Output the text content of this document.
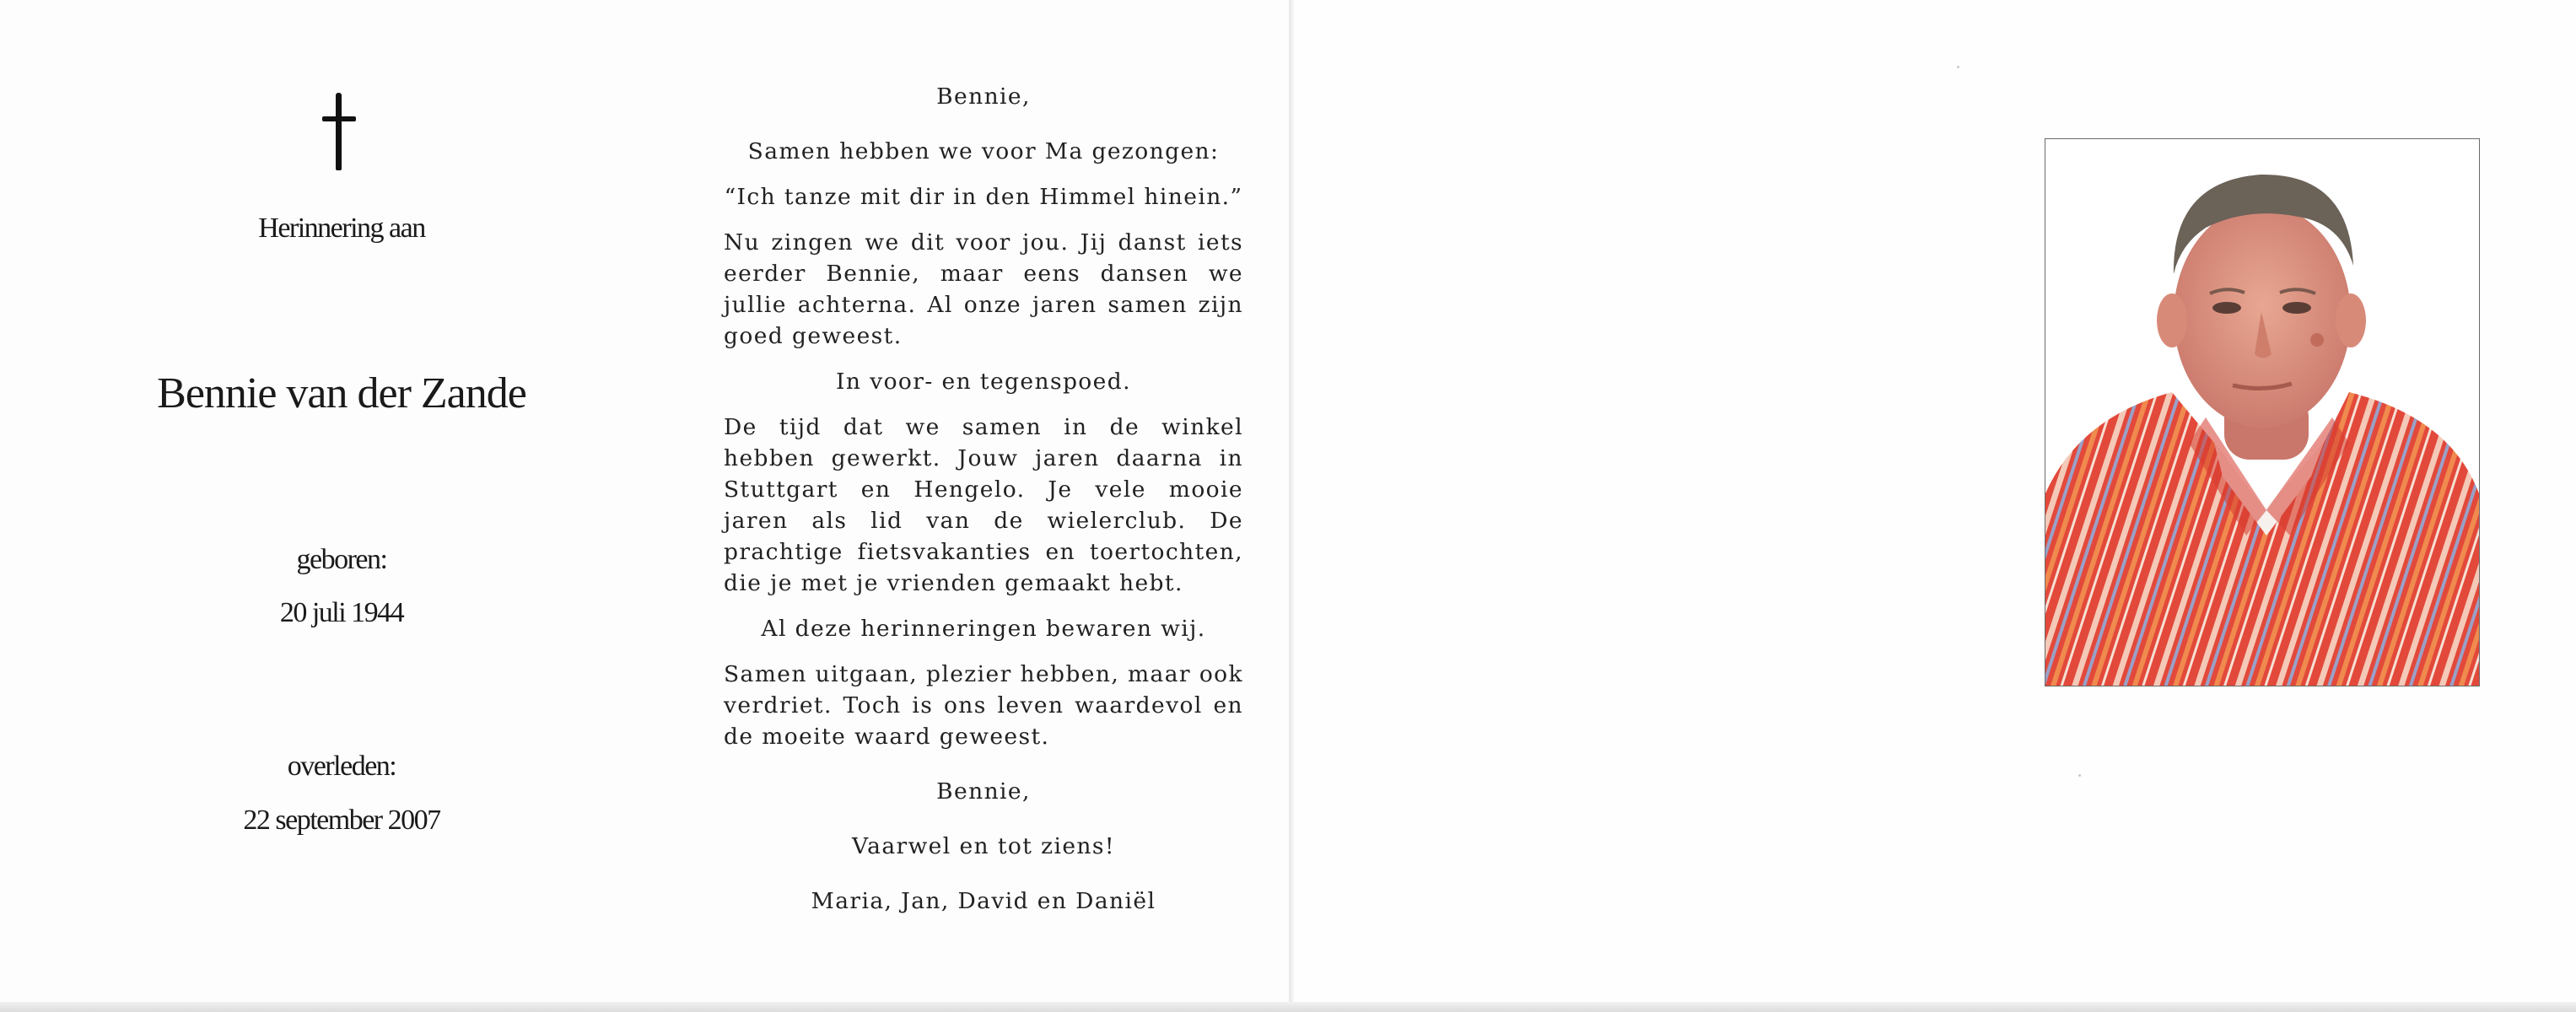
Herinnering aan
Bennie van der Zande
geboren:
20 juli 1944
overleden:
22 september 2007

Bennie,

Samen hebben we voor Ma gezongen:

“Ich tanze mit dir in den Himmel hinein.”

Nu zingen we dit voor jou. Jij danst iets eerder Bennie, maar eens dansen we jullie achterna. Al onze jaren samen zijn goed geweest.

In voor- en tegenspoed.

De tijd dat we samen in de winkel hebben gewerkt. Jouw jaren daarna in Stuttgart en Hengelo. Je vele mooie jaren als lid van de wielerclub. De prachtige fietsvakanties en toertochten, die je met je vrienden gemaakt hebt.

Al deze herinneringen bewaren wij.

Samen uitgaan, plezier hebben, maar ook verdriet. Toch is ons leven waardevol en de moeite waard geweest.

Bennie,

Vaarwel en tot ziens!

Maria, Jan, David en Daniël
